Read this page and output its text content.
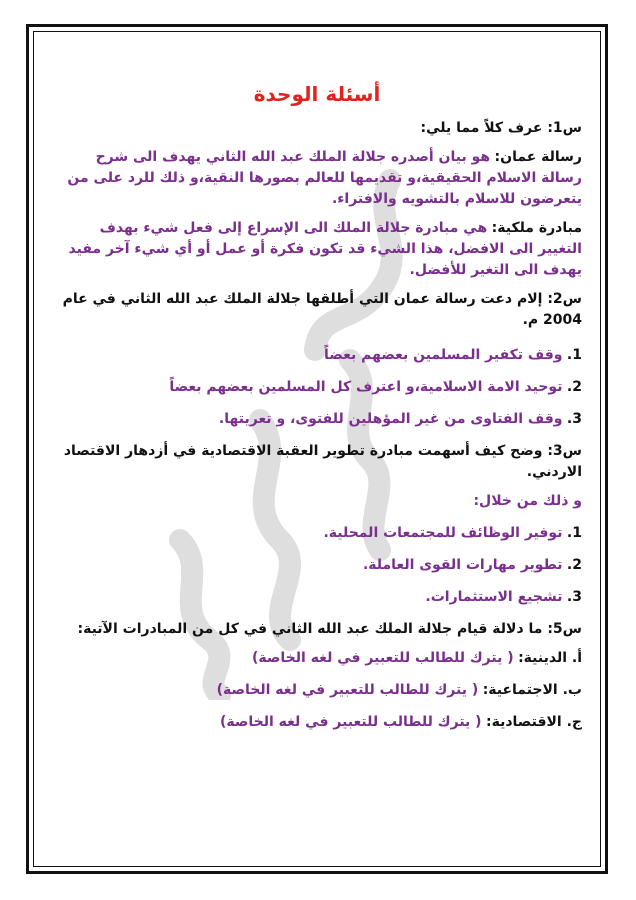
أسئلة الوحدة
س1: عرف كلاً مما يلي:
رسالة عمان: هو بيان أصدره جلالة الملك عبد الله الثاني يهدف الى شرح رسالة الاسلام الحقيقية،و تقديمها للعالم بصورها النقية،و ذلك للرد على من يتعرضون للاسلام بالتشويه والافتراء.
مبادرة ملكية: هي مبادرة جلالة الملك الى الإسراع إلى فعل شيء بهدف التغيير الى الافضل، هذا الشيء قد تكون فكرة أو عمل أو أي شيء آخر مفيد يهدف الى التغير للأفضل.
س2: إلام دعت رسالة عمان التي أطلقها جلالة الملك عبد الله الثاني في عام 2004 م.
1. وقف تكفير المسلمين بعضهم بعضاً
2. توحيد الامة الاسلامية،و اعترف كل المسلمين بعضهم بعضاً
3. وقف الفتاوى من غير المؤهلين للفتوى، و تعريتها.
س3: وضح كيف أسهمت مبادرة تطوير العقبة الاقتصادية في أزدهار الاقتصاد الاردني.
و ذلك من خلال:
1. توفير الوظائف للمجتمعات المحلية.
2. تطوير مهارات القوى العاملة.
3. تشجيع الاستثمارات.
س5: ما دلالة قيام جلالة الملك عبد الله الثاني في كل من المبادرات الآتية:
أ. الدينية: ( يترك للطالب للتعبير في لغه الخاصة)
ب. الاجتماعية: ( يترك للطالب للتعبير في لغه الخاصة)
ج. الاقتصادية: ( يترك للطالب للتعبير في لغه الخاصة)
